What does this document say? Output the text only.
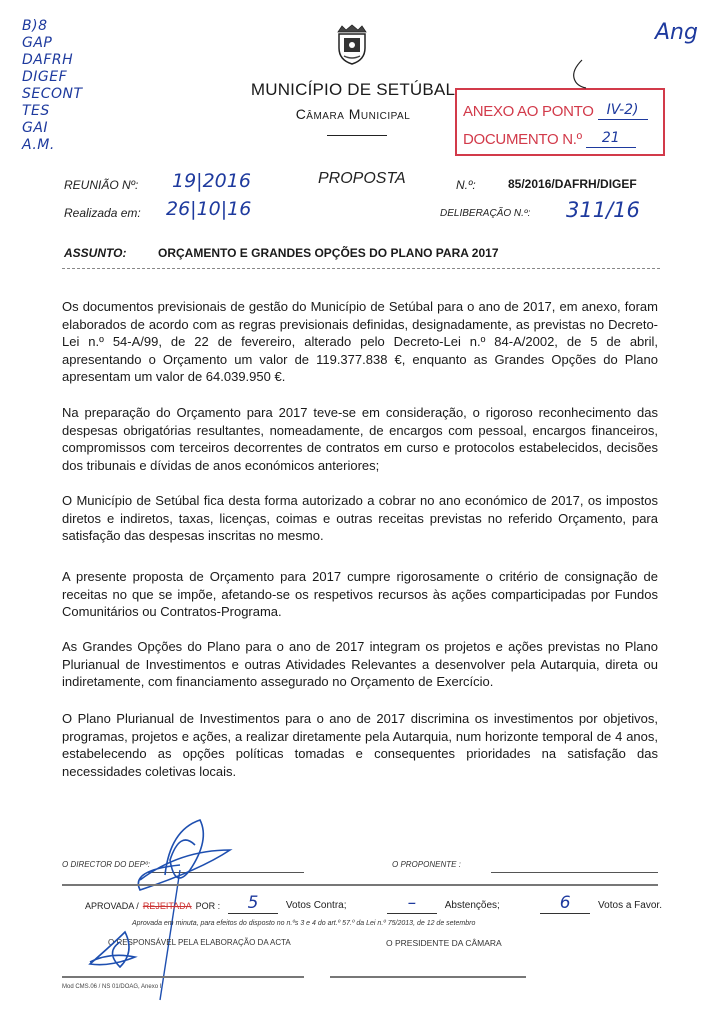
B)8
GAP
DAFRH
DIGEF
SECONT
TES
GAI
A.M.
MUNICÍPIO DE SETÚBAL
Câmara Municipal	ANEXO AO PONTO IV-2)
DOCUMENTO N.º	21
Ang
REUNIÃO Nº: 19|2016	PROPOSTA	N.º:	85/2016/DAFRH/DIGEF
Realizada em: 26|10|16	DELIBERAÇÃO N.º: 311/16
ASSUNTO:	ORÇAMENTO E GRANDES OPÇÕES DO PLANO PARA 2017
Os documentos previsionais de gestão do Município de Setúbal para o ano de 2017, em anexo, foram elaborados de acordo com as regras previsionais definidas, designadamente, as previstas no Decreto-Lei n.º 54-A/99, de 22 de fevereiro, alterado pelo Decreto-Lei n.º 84-A/2002, de 5 de abril, apresentando o Orçamento um valor de 119.377.838 €, enquanto as Grandes Opções do Plano apresentam um valor de 64.039.950 €.
Na preparação do Orçamento para 2017 teve-se em consideração, o rigoroso reconhecimento das despesas obrigatórias resultantes, nomeadamente, de encargos com pessoal, encargos financeiros, compromissos com terceiros decorrentes de contratos em curso e protocolos estabelecidos, decisões dos tribunais e dívidas de anos económicos anteriores;
O Município de Setúbal fica desta forma autorizado a cobrar no ano económico de 2017, os impostos diretos e indiretos, taxas, licenças, coimas e outras receitas previstas no referido Orçamento, para satisfação das despesas inscritas no mesmo.
A presente proposta de Orçamento para 2017 cumpre rigorosamente o critério de consignação de receitas no que se impõe, afetando-se os respetivos recursos às ações comparticipadas por Fundos Comunitários ou Contratos-Programa.
As Grandes Opções do Plano para o ano de 2017 integram os projetos e ações previstas no Plano Plurianual de Investimentos e outras Atividades Relevantes a desenvolver pela Autarquia, direta ou indiretamente, com financiamento assegurado no Orçamento de Exercício.
O Plano Plurianual de Investimentos para o ano de 2017 discrimina os investimentos por objetivos, programas, projetos e ações, a realizar diretamente pela Autarquia, num horizonte temporal de 4 anos, estabelecendo as opções políticas tomadas e consequentes prioridades na satisfação das necessidades coletivas locais.
O DIRECTOR DO DEPº:	O PROPONENTE :
APROVADA / REJEITADA POR :	5	Votos Contra;	–	Abstenções;	6	Votos a Favor.
Aprovada em minuta, para efeitos do disposto no n.ºs 3 e 4 do art.º 57.º da Lei n.º 75/2013, de 12 de setembro
O RESPONSÁVEL PELA ELABORAÇÃO DA ACTA	O PRESIDENTE DA CÂMARA
Mod CMS.06 / NS 01/DOAG, Anexo I
